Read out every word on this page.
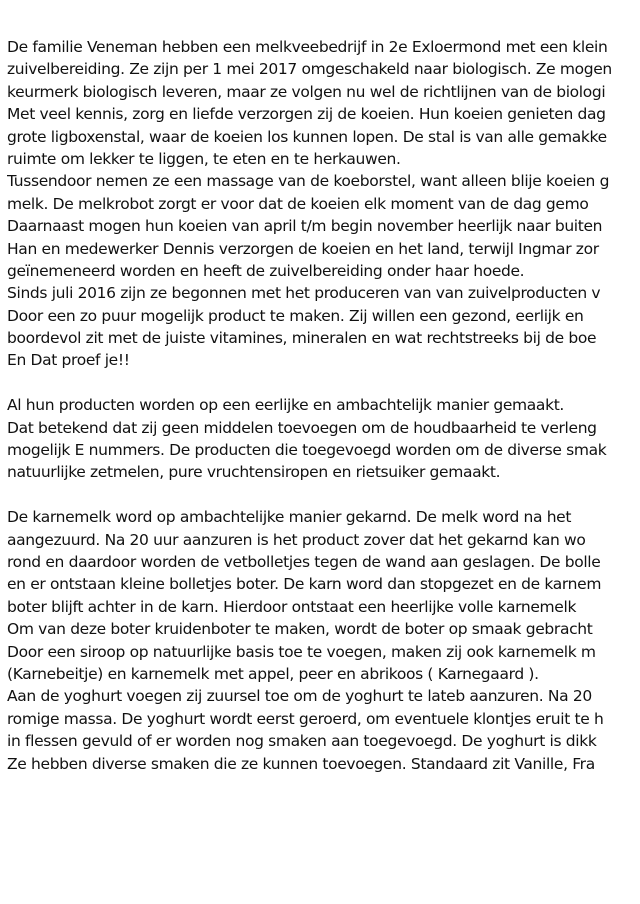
De familie Veneman hebben een melkveebedrijf in 2e Exloermond met een klein
zuivelbereiding. Ze zijn per 1 mei 2017 omgeschakeld naar biologisch. Ze mogen
keurmerk biologisch leveren, maar ze volgen nu wel de richtlijnen van de biologi
Met veel kennis, zorg en liefde verzorgen zij de koeien. Hun koeien genieten dag
grote ligboxenstal, waar de koeien los kunnen lopen. De stal is van alle gemakke
ruimte om lekker te liggen, te eten en te herkauwen.
Tussendoor nemen ze een massage van de koeborstel, want alleen blije koeien g
melk. De melkrobot zorgt er voor dat de koeien elk moment van de dag gemo
Daarnaast mogen hun koeien van april t/m begin november heerlijk naar buiten
Han en medewerker Dennis verzorgen de koeien en het land, terwijl Ingmar zor
geïnemeneerd worden en heeft de zuivelbereiding onder haar hoede.
Sinds juli 2016 zijn ze begonnen met het produceren van van zuivelproducten v
Door een zo puur mogelijk product te maken. Zij willen een gezond, eerlijk en
boordevol zit met de juiste vitamines, mineralen en wat rechtstreeks bij de boe
En Dat proef je!!
Al hun producten worden op een eerlijke en ambachtelijk manier gemaakt.
Dat betekend dat zij geen middelen toevoegen om de houdbaarheid te verleng
mogelijk E nummers. De producten die toegevoegd worden om de diverse smak
natuurlijke zetmelen, pure vruchtensiropen en rietsuiker gemaakt.
De karnemelk word op ambachtelijke manier gekarnd. De melk word na het
aangezuurd. Na 20 uur aanzuren is het product zover dat het gekarnd kan wo
rond en daardoor worden de vetbolletjes tegen de wand aan geslagen. De bolle
en er ontstaan kleine bolletjes boter. De karn word dan stopgezet en de karnem
boter blijft achter in de karn. Hierdoor ontstaat een heerlijke volle karnemelk
Om van deze boter kruidenboter te maken, wordt de boter op smaak gebracht
Door een siroop op natuurlijke basis toe te voegen, maken zij ook karnemelk m
(Karnebeitje) en karnemelk met appel, peer en abrikoos ( Karnegaard ).
Aan de yoghurt voegen zij zuursel toe om de yoghurt te lateb aanzuren. Na 20
romige massa. De yoghurt wordt eerst geroerd, om eventuele klontjes eruit te h
in flessen gevuld of er worden nog smaken aan toegevoegd. De yoghurt is dikk
Ze hebben diverse smaken die ze kunnen toevoegen. Standaard zit Vanille, Fra
